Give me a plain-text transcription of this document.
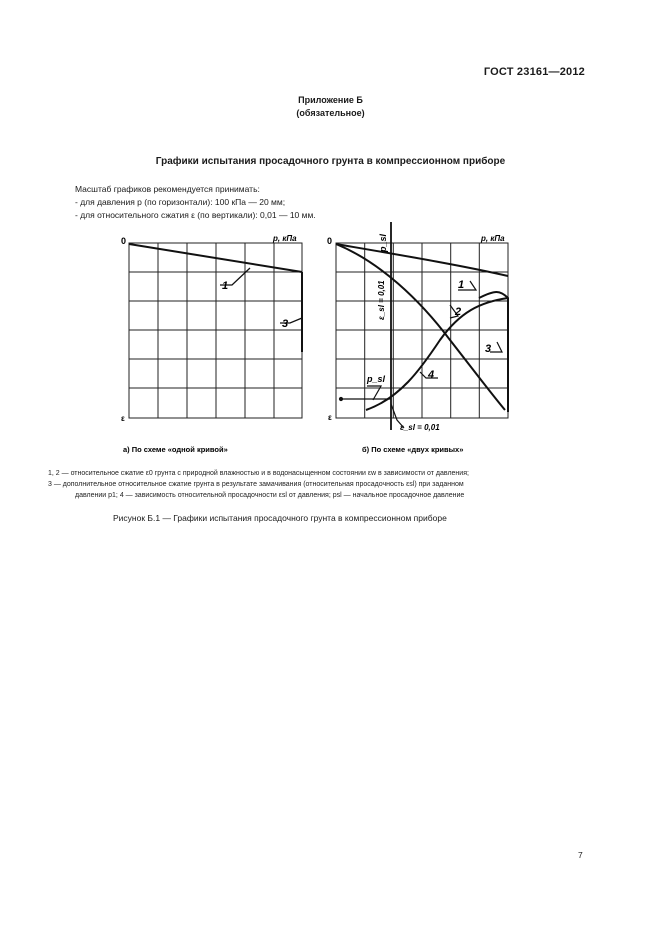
ГОСТ 23161—2012
Приложение Б
(обязательное)
Графики испытания просадочного грунта в компрессионном приборе
Масштаб графиков рекомендуется принимать:
- для давления p (по горизонтали): 100 кПа — 20 мм;
- для относительного сжатия ε (по вертикали): 0,01 — 10 мм.
0	p, кПа
ε
1
3
а) По схеме «одной кривой»
0	p, кПа
ε
p_sl
ε_sl = 0,01
p_sl
ε_sl = 0,01
1
2
3
4
б) По схеме «двух кривых»
1, 2 — относительное сжатие ε0 грунта с природной влажностью и в водонасыщенном состоянии εw в зависимости от давления;
3 — дополнительное относительное сжатие грунта в результате замачивания (относительная просадочность εsl) при заданном
давлении p1; 4 — зависимость относительной просадочности εsl от давления; psl — начальное просадочное давление
Рисунок Б.1 — Графики испытания просадочного грунта в компрессионном приборе
7
